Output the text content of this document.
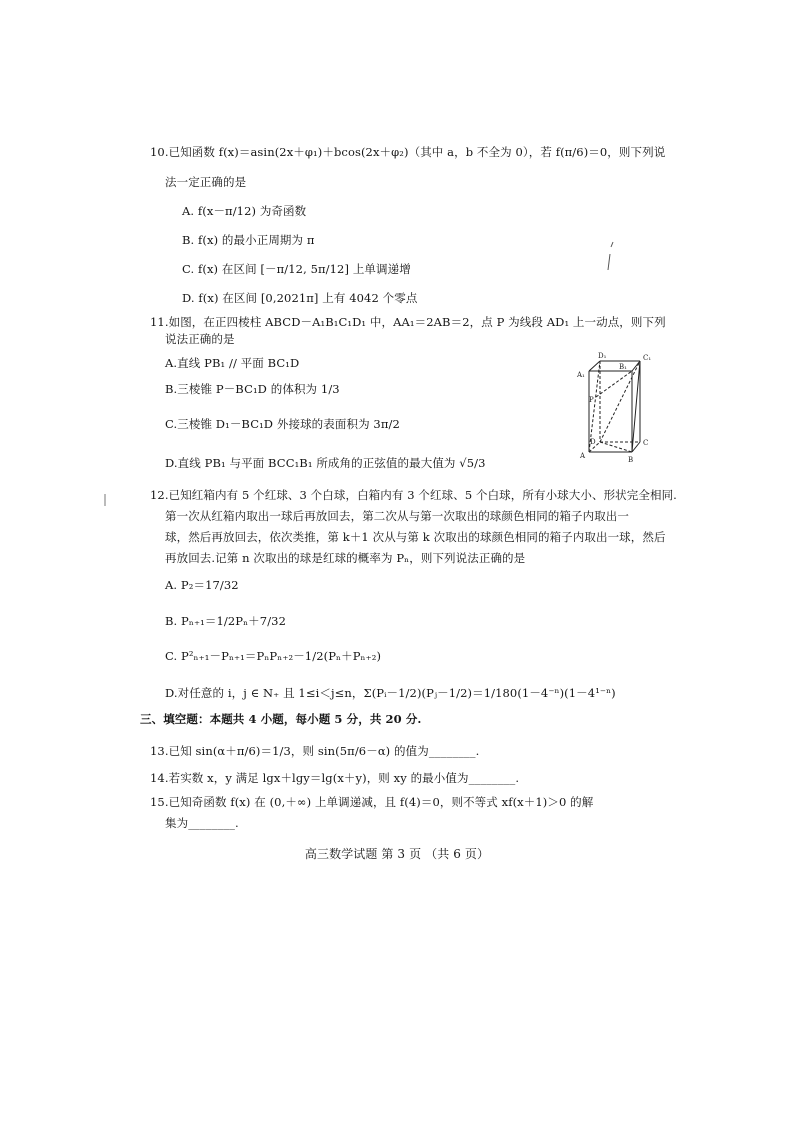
10.已知函数 f(x)＝asin(2x＋φ₁)＋bcos(2x＋φ₂)（其中 a，b 不全为 0），若 f(π/6)＝0，则下列说
法一定正确的是
A. f(x－π/12) 为奇函数
B. f(x) 的最小正周期为 π
C. f(x) 在区间 [－π/12, 5π/12] 上单调递增
D. f(x) 在区间 [0,2021π] 上有 4042 个零点
11.如图，在正四棱柱 ABCD－A₁B₁C₁D₁ 中，AA₁＝2AB＝2，点 P 为线段 AD₁ 上一动点，则下列
说法正确的是
A.直线 PB₁ // 平面 BC₁D
B.三棱锥 P－BC₁D 的体积为 1/3
C.三棱锥 D₁－BC₁D 外接球的表面积为 3π/2
D.直线 PB₁ 与平面 BCC₁B₁ 所成角的正弦值的最大值为 √5/3
12.已知红箱内有 5 个红球、3 个白球，白箱内有 3 个红球、5 个白球，所有小球大小、形状完全相同.
第一次从红箱内取出一球后再放回去，第二次从与第一次取出的球颜色相同的箱子内取出一
球，然后再放回去，依次类推，第 k＋1 次从与第 k 次取出的球颜色相同的箱子内取出一球，然后
再放回去.记第 n 次取出的球是红球的概率为 Pₙ，则下列说法正确的是
A. P₂＝17/32
B. Pₙ₊₁＝1/2Pₙ＋7/32
C. P²ₙ₊₁－Pₙ₊₁＝PₙPₙ₊₂－1/2(Pₙ＋Pₙ₊₂)
D.对任意的 i，j ∈ N₊ 且 1≤i＜j≤n，Σ(Pᵢ－1/2)(Pⱼ－1/2)＝1/180(1－4⁻ⁿ)(1－4¹⁻ⁿ)
三、填空题：本题共 4 小题，每小题 5 分，共 20 分.
13.已知 sin(α＋π/6)＝1/3，则 sin(5π/6－α) 的值为________.
14.若实数 x，y 满足 lgx＋lgy＝lg(x＋y)，则 xy 的最小值为________.
15.已知奇函数 f(x) 在 (0,＋∞) 上单调递减，且 f(4)＝0，则不等式 xf(x＋1)＞0 的解
集为________.
高三数学试题 第 3 页 （共 6 页）
D₁	C₁
A₁
B₁
P
D	C
A	B
